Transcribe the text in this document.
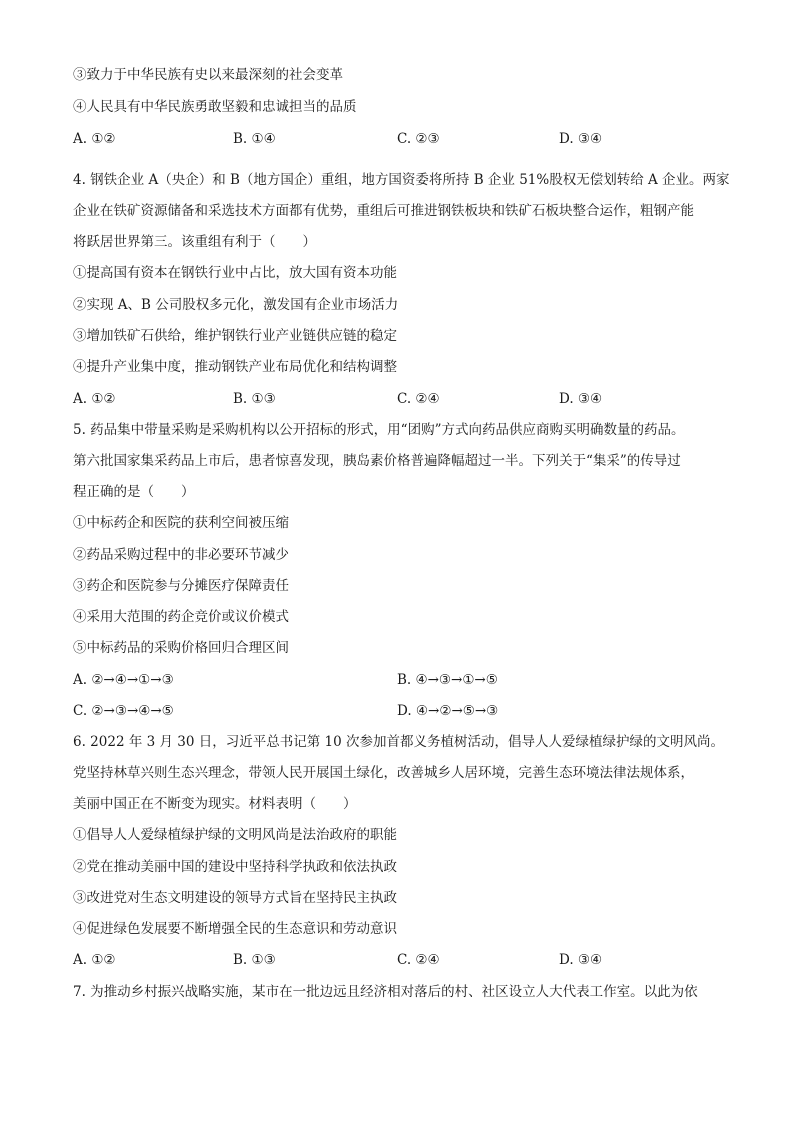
③致力于中华民族有史以来最深刻的社会变革
④人民具有中华民族勇敢坚毅和忠诚担当的品质
A. ①②	B. ①④	C. ②③	D. ③④
4. 钢铁企业 A（央企）和 B（地方国企）重组，地方国资委将所持 B 企业 51%股权无偿划转给 A 企业。两家
企业在铁矿资源储备和采选技术方面都有优势，重组后可推进钢铁板块和铁矿石板块整合运作，粗钢产能
将跃居世界第三。该重组有利于（　　）
①提高国有资本在钢铁行业中占比，放大国有资本功能
②实现 A、B 公司股权多元化，激发国有企业市场活力
③增加铁矿石供给，维护钢铁行业产业链供应链的稳定
④提升产业集中度，推动钢铁产业布局优化和结构调整
A. ①②	B. ①③	C. ②④	D. ③④
5. 药品集中带量采购是采购机构以公开招标的形式，用“团购”方式向药品供应商购买明确数量的药品。
第六批国家集采药品上市后，患者惊喜发现，胰岛素价格普遍降幅超过一半。下列关于“集采”的传导过
程正确的是（　　）
①中标药企和医院的获利空间被压缩
②药品采购过程中的非必要环节减少
③药企和医院参与分摊医疗保障责任
④采用大范围的药企竞价或议价模式
⑤中标药品的采购价格回归合理区间
A. ②→④→①→③	B. ④→③→①→⑤
C. ②→③→④→⑤	D. ④→②→⑤→③
6. 2022 年 3 月 30 日，习近平总书记第 10 次参加首都义务植树活动，倡导人人爱绿植绿护绿的文明风尚。
党坚持林草兴则生态兴理念，带领人民开展国土绿化，改善城乡人居环境，完善生态环境法律法规体系，
美丽中国正在不断变为现实。材料表明（　　）
①倡导人人爱绿植绿护绿的文明风尚是法治政府的职能
②党在推动美丽中国的建设中坚持科学执政和依法执政
③改进党对生态文明建设的领导方式旨在坚持民主执政
④促进绿色发展要不断增强全民的生态意识和劳动意识
A. ①②	B. ①③	C. ②④	D. ③④
7. 为推动乡村振兴战略实施，某市在一批边远且经济相对落后的村、社区设立人大代表工作室。以此为依
